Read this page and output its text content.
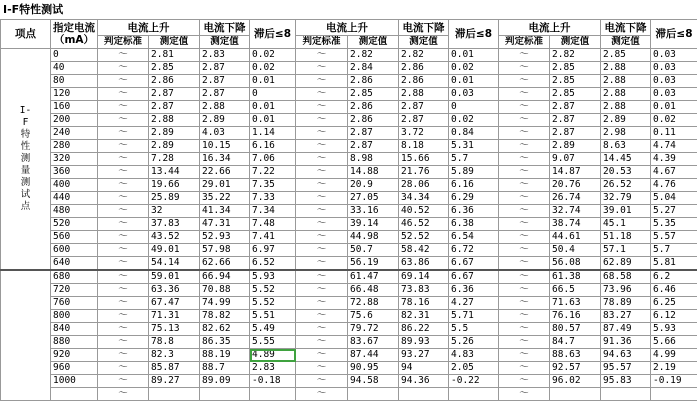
I-F特性测试
项点	指定电流
（mA）	电流上升		电流下降	滞后≤8	电流上升		电流下降	滞后≤8	电流上升		电流下降	滞后≤8
		判定标准	测定值	测定值		判定标准	测定值	测定值		判定标准	测定值	测定值	

I-F特性测量测试点	0	～	2.81	2.83	0.02	～	2.82	2.82	0.01	～	2.82	2.85	0.03
	40	～	2.85	2.87	0.02	～	2.84	2.86	0.02	～	2.85	2.88	0.03
	80	～	2.86	2.87	0.01	～	2.86	2.86	0.01	～	2.85	2.88	0.03
	120	～	2.87	2.87	0	～	2.85	2.88	0.03	～	2.85	2.88	0.03
	160	～	2.87	2.88	0.01	～	2.86	2.87	0	～	2.87	2.88	0.01
	200	～	2.88	2.89	0.01	～	2.86	2.87	0.02	～	2.87	2.89	0.02
	240	～	2.89	4.03	1.14	～	2.87	3.72	0.84	～	2.87	2.98	0.11
	280	～	2.89	10.15	6.16	～	2.87	8.18	5.31	～	2.89	8.63	4.74
	320	～	7.28	16.34	7.06	～	8.98	15.66	5.7	～	9.07	14.45	4.39
	360	～	13.44	22.66	7.22	～	14.88	21.76	5.89	～	14.87	20.53	4.67
	400	～	19.66	29.01	7.35	～	20.9	28.06	6.16	～	20.76	26.52	4.76
	440	～	25.89	35.22	7.33	～	27.05	34.34	6.29	～	26.74	32.79	5.04
	480	～	32	41.34	7.34	～	33.16	40.52	6.36	～	32.74	39.01	5.27
	520	～	37.83	47.31	7.48	～	39.14	46.52	6.38	～	38.74	45.1	5.35
	560	～	43.52	52.93	7.41	～	44.98	52.52	6.54	～	44.61	51.18	5.57
	600	～	49.01	57.98	6.97	～	50.7	58.42	6.72	～	50.4	57.1	5.7
	640	～	54.14	62.66	6.52	～	56.19	63.86	6.67	～	56.08	62.89	5.81
	680	～	59.01	66.94	5.93	～	61.47	69.14	6.67	～	61.38	68.58	6.2
	720	～	63.36	70.88	5.52	～	66.48	73.83	6.36	～	66.5	73.96	6.46
	760	～	67.47	74.99	5.52	～	72.88	78.16	4.27	～	71.63	78.89	6.25
	800	～	71.31	78.82	5.51	～	75.6	82.31	5.71	～	76.16	83.27	6.12
	840	～	75.13	82.62	5.49	～	79.72	86.22	5.5	～	80.57	87.49	5.93
	880	～	78.8	86.35	5.55	～	83.67	89.93	5.26	～	84.7	91.36	5.66
	920	～	82.3	88.19	4.89	～	87.44	93.27	4.83	～	88.63	94.63	4.99
	960	～	85.87	88.7	2.83	～	90.95	94	2.05	～	92.57	95.57	2.19
	1000	～	89.27	89.09	-0.18	～	94.58	94.36	-0.22	～	96.02	95.83	-0.19
		～				～				～			
